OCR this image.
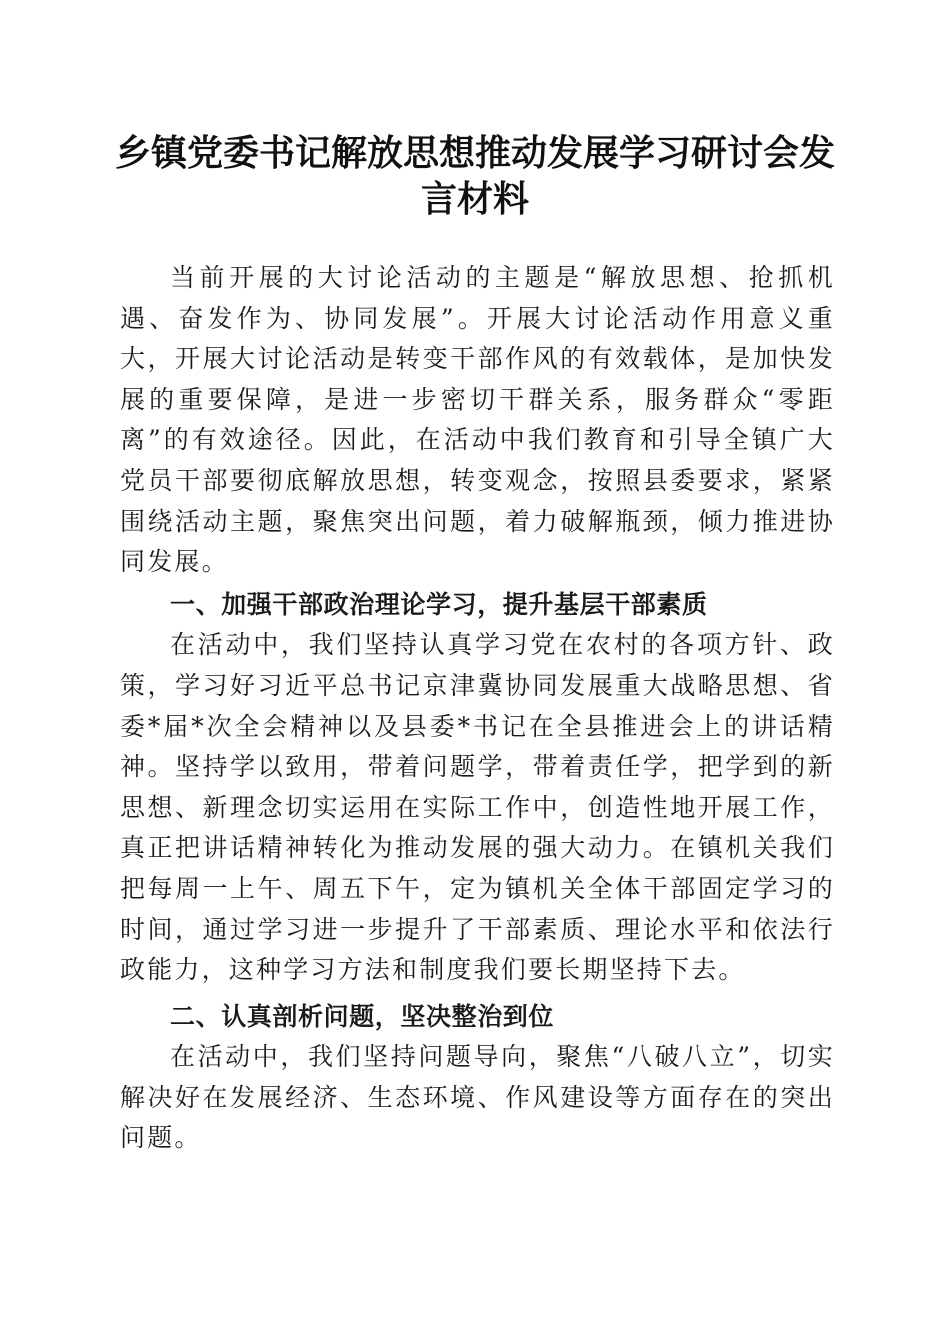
乡镇党委书记解放思想推动发展学习研讨会发言材料

当前开展的大讨论活动的主题是“解放思想、抢抓机遇、奋发作为、协同发展”。开展大讨论活动作用意义重大，开展大讨论活动是转变干部作风的有效载体，是加快发展的重要保障，是进一步密切干群关系，服务群众“零距离”的有效途径。因此，在活动中我们教育和引导全镇广大党员干部要彻底解放思想，转变观念，按照县委要求，紧紧围绕活动主题，聚焦突出问题，着力破解瓶颈，倾力推进协同发展。

一、加强干部政治理论学习，提升基层干部素质

在活动中，我们坚持认真学习党在农村的各项方针、政策，学习好习近平总书记京津冀协同发展重大战略思想、省委*届*次全会精神以及县委*书记在全县推进会上的讲话精神。坚持学以致用，带着问题学，带着责任学，把学到的新思想、新理念切实运用在实际工作中，创造性地开展工作，真正把讲话精神转化为推动发展的强大动力。在镇机关我们把每周一上午、周五下午，定为镇机关全体干部固定学习的时间，通过学习进一步提升了干部素质、理论水平和依法行政能力，这种学习方法和制度我们要长期坚持下去。

二、认真剖析问题，坚决整治到位

在活动中，我们坚持问题导向，聚焦“八破八立”，切实解决好在发展经济、生态环境、作风建设等方面存在的突出问题。
